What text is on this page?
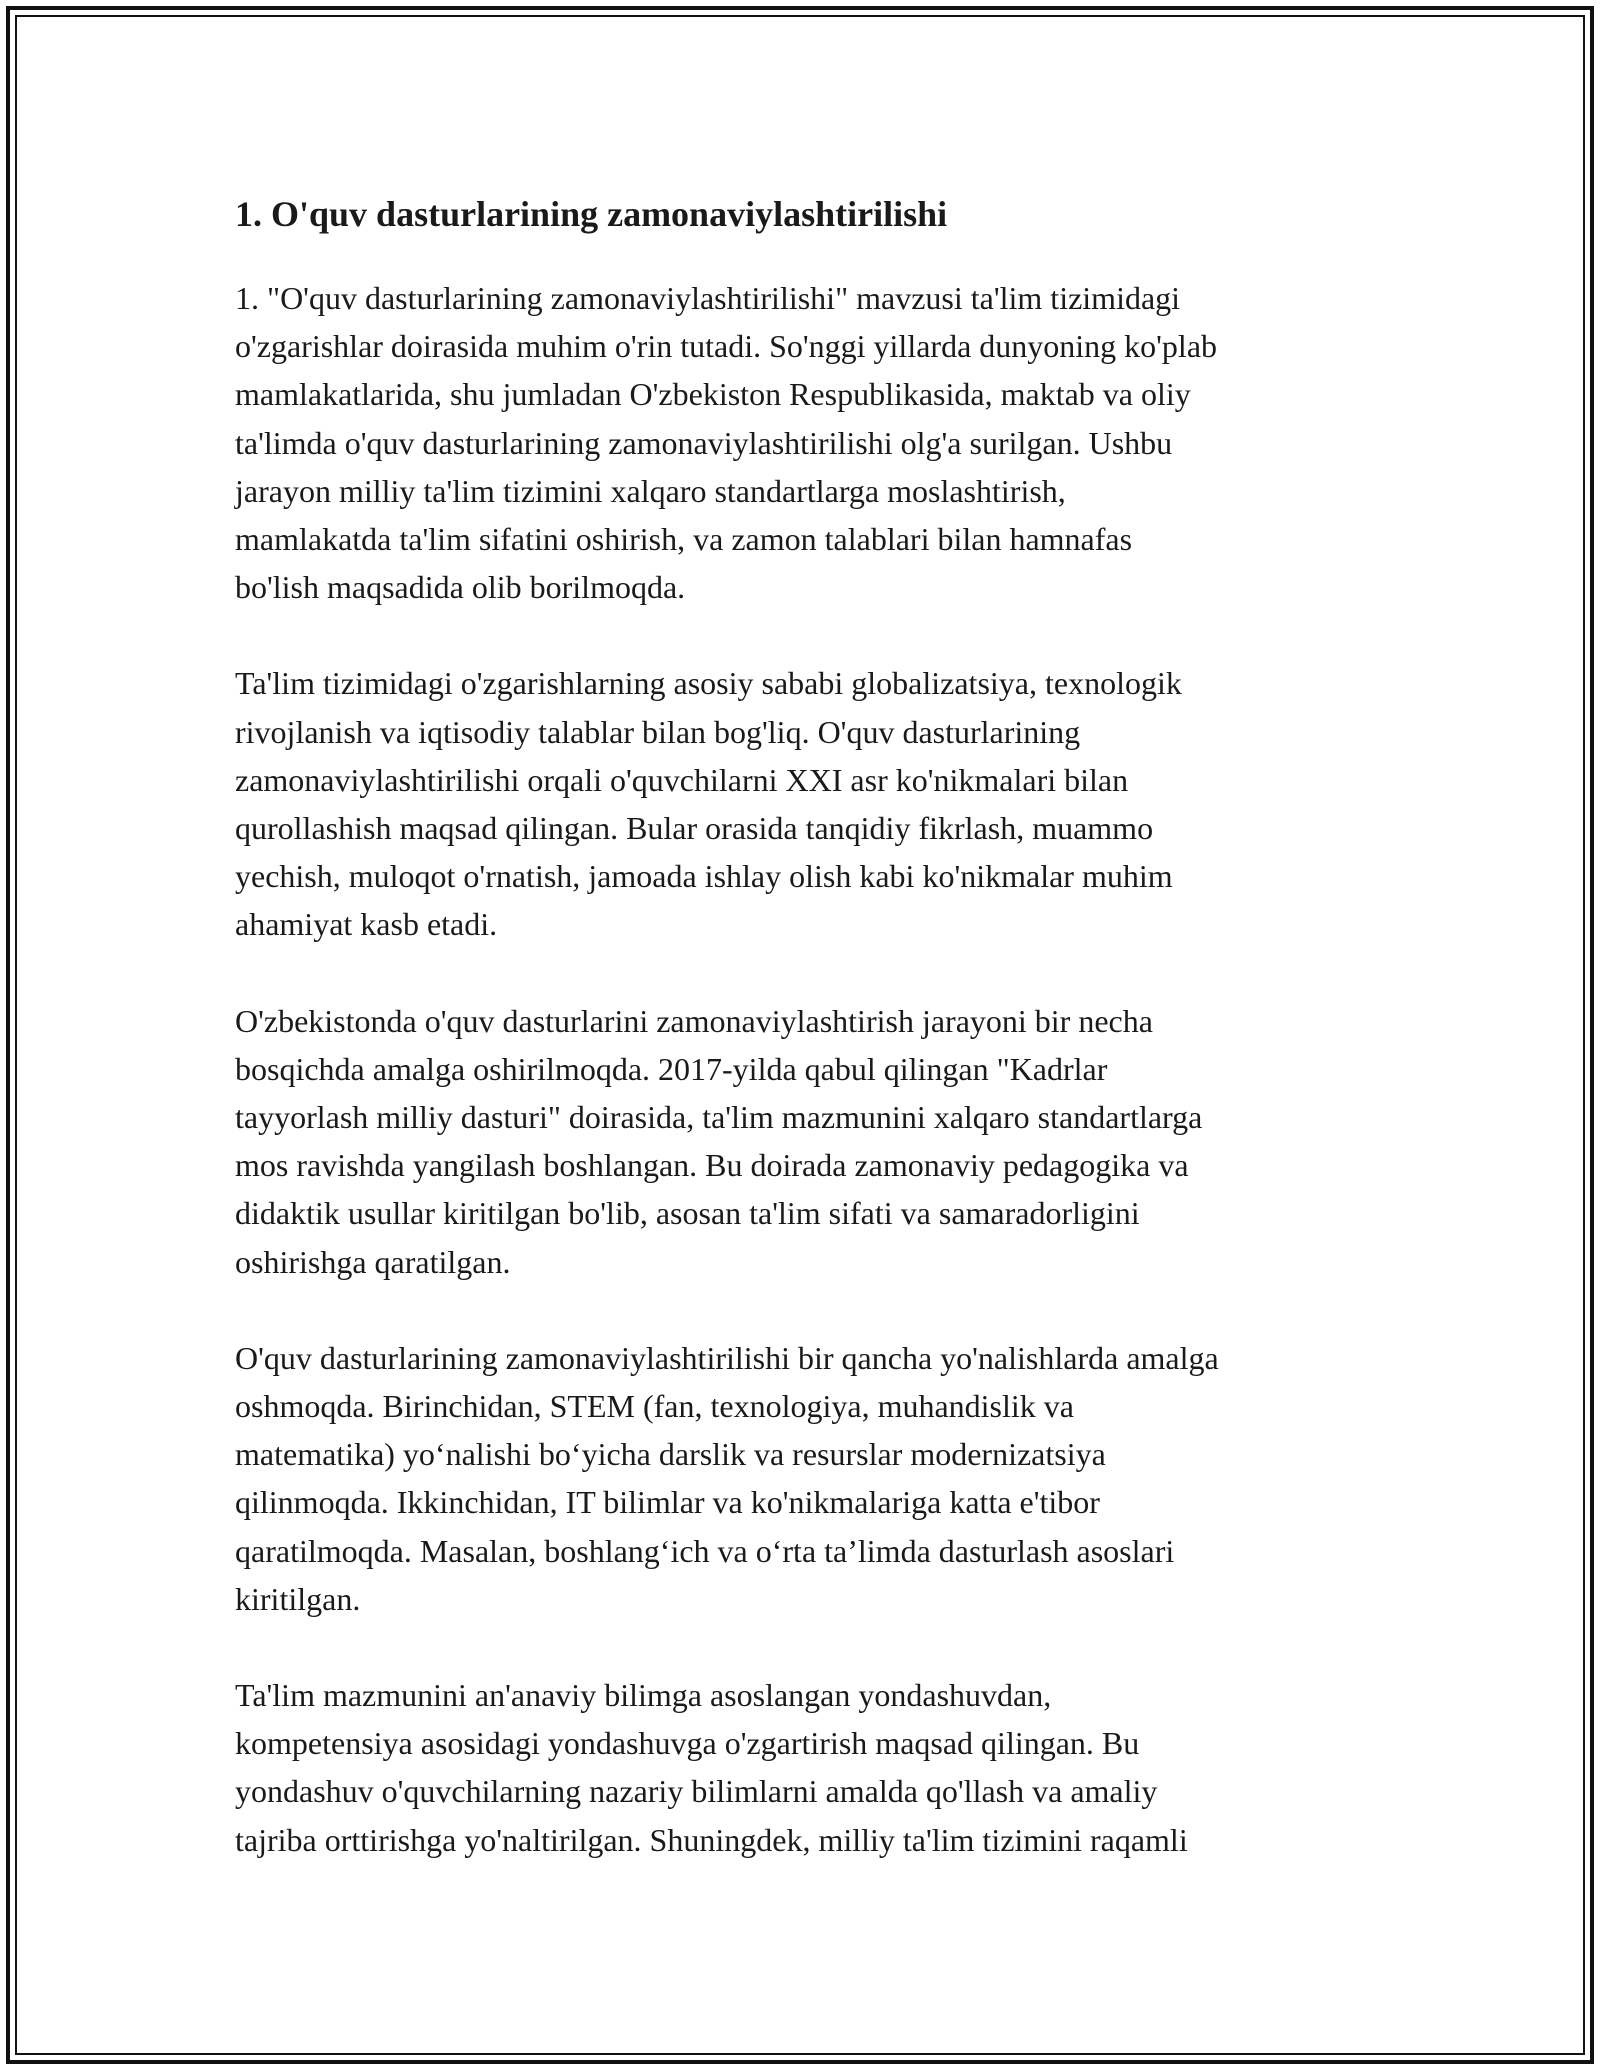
1. O'quv dasturlarining zamonaviylashtirilishi
1. "O'quv dasturlarining zamonaviylashtirilishi" mavzusi ta'lim tizimidagi
o'zgarishlar doirasida muhim o'rin tutadi. So'nggi yillarda dunyoning ko'plab
mamlakatlarida, shu jumladan O'zbekiston Respublikasida, maktab va oliy
ta'limda o'quv dasturlarining zamonaviylashtirilishi olg'a surilgan. Ushbu
jarayon milliy ta'lim tizimini xalqaro standartlarga moslashtirish,
mamlakatda ta'lim sifatini oshirish, va zamon talablari bilan hamnafas
bo'lish maqsadida olib borilmoqda.
Ta'lim tizimidagi o'zgarishlarning asosiy sababi globalizatsiya, texnologik
rivojlanish va iqtisodiy talablar bilan bog'liq. O'quv dasturlarining
zamonaviylashtirilishi orqali o'quvchilarni XXI asr ko'nikmalari bilan
qurollashish maqsad qilingan. Bular orasida tanqidiy fikrlash, muammo
yechish, muloqot o'rnatish, jamoada ishlay olish kabi ko'nikmalar muhim
ahamiyat kasb etadi.
O'zbekistonda o'quv dasturlarini zamonaviylashtirish jarayoni bir necha
bosqichda amalga oshirilmoqda. 2017-yilda qabul qilingan "Kadrlar
tayyorlash milliy dasturi" doirasida, ta'lim mazmunini xalqaro standartlarga
mos ravishda yangilash boshlangan. Bu doirada zamonaviy pedagogika va
didaktik usullar kiritilgan bo'lib, asosan ta'lim sifati va samaradorligini
oshirishga qaratilgan.
O'quv dasturlarining zamonaviylashtirilishi bir qancha yo'nalishlarda amalga
oshmoqda. Birinchidan, STEM (fan, texnologiya, muhandislik va
matematika) yo‘nalishi bo‘yicha darslik va resurslar modernizatsiya
qilinmoqda. Ikkinchidan, IT bilimlar va ko'nikmalariga katta e'tibor
qaratilmoqda. Masalan, boshlang‘ich va o‘rta ta’limda dasturlash asoslari
kiritilgan.
Ta'lim mazmunini an'anaviy bilimga asoslangan yondashuvdan,
kompetensiya asosidagi yondashuvga o'zgartirish maqsad qilingan. Bu
yondashuv o'quvchilarning nazariy bilimlarni amalda qo'llash va amaliy
tajriba orttirishga yo'naltirilgan. Shuningdek, milliy ta'lim tizimini raqamli
